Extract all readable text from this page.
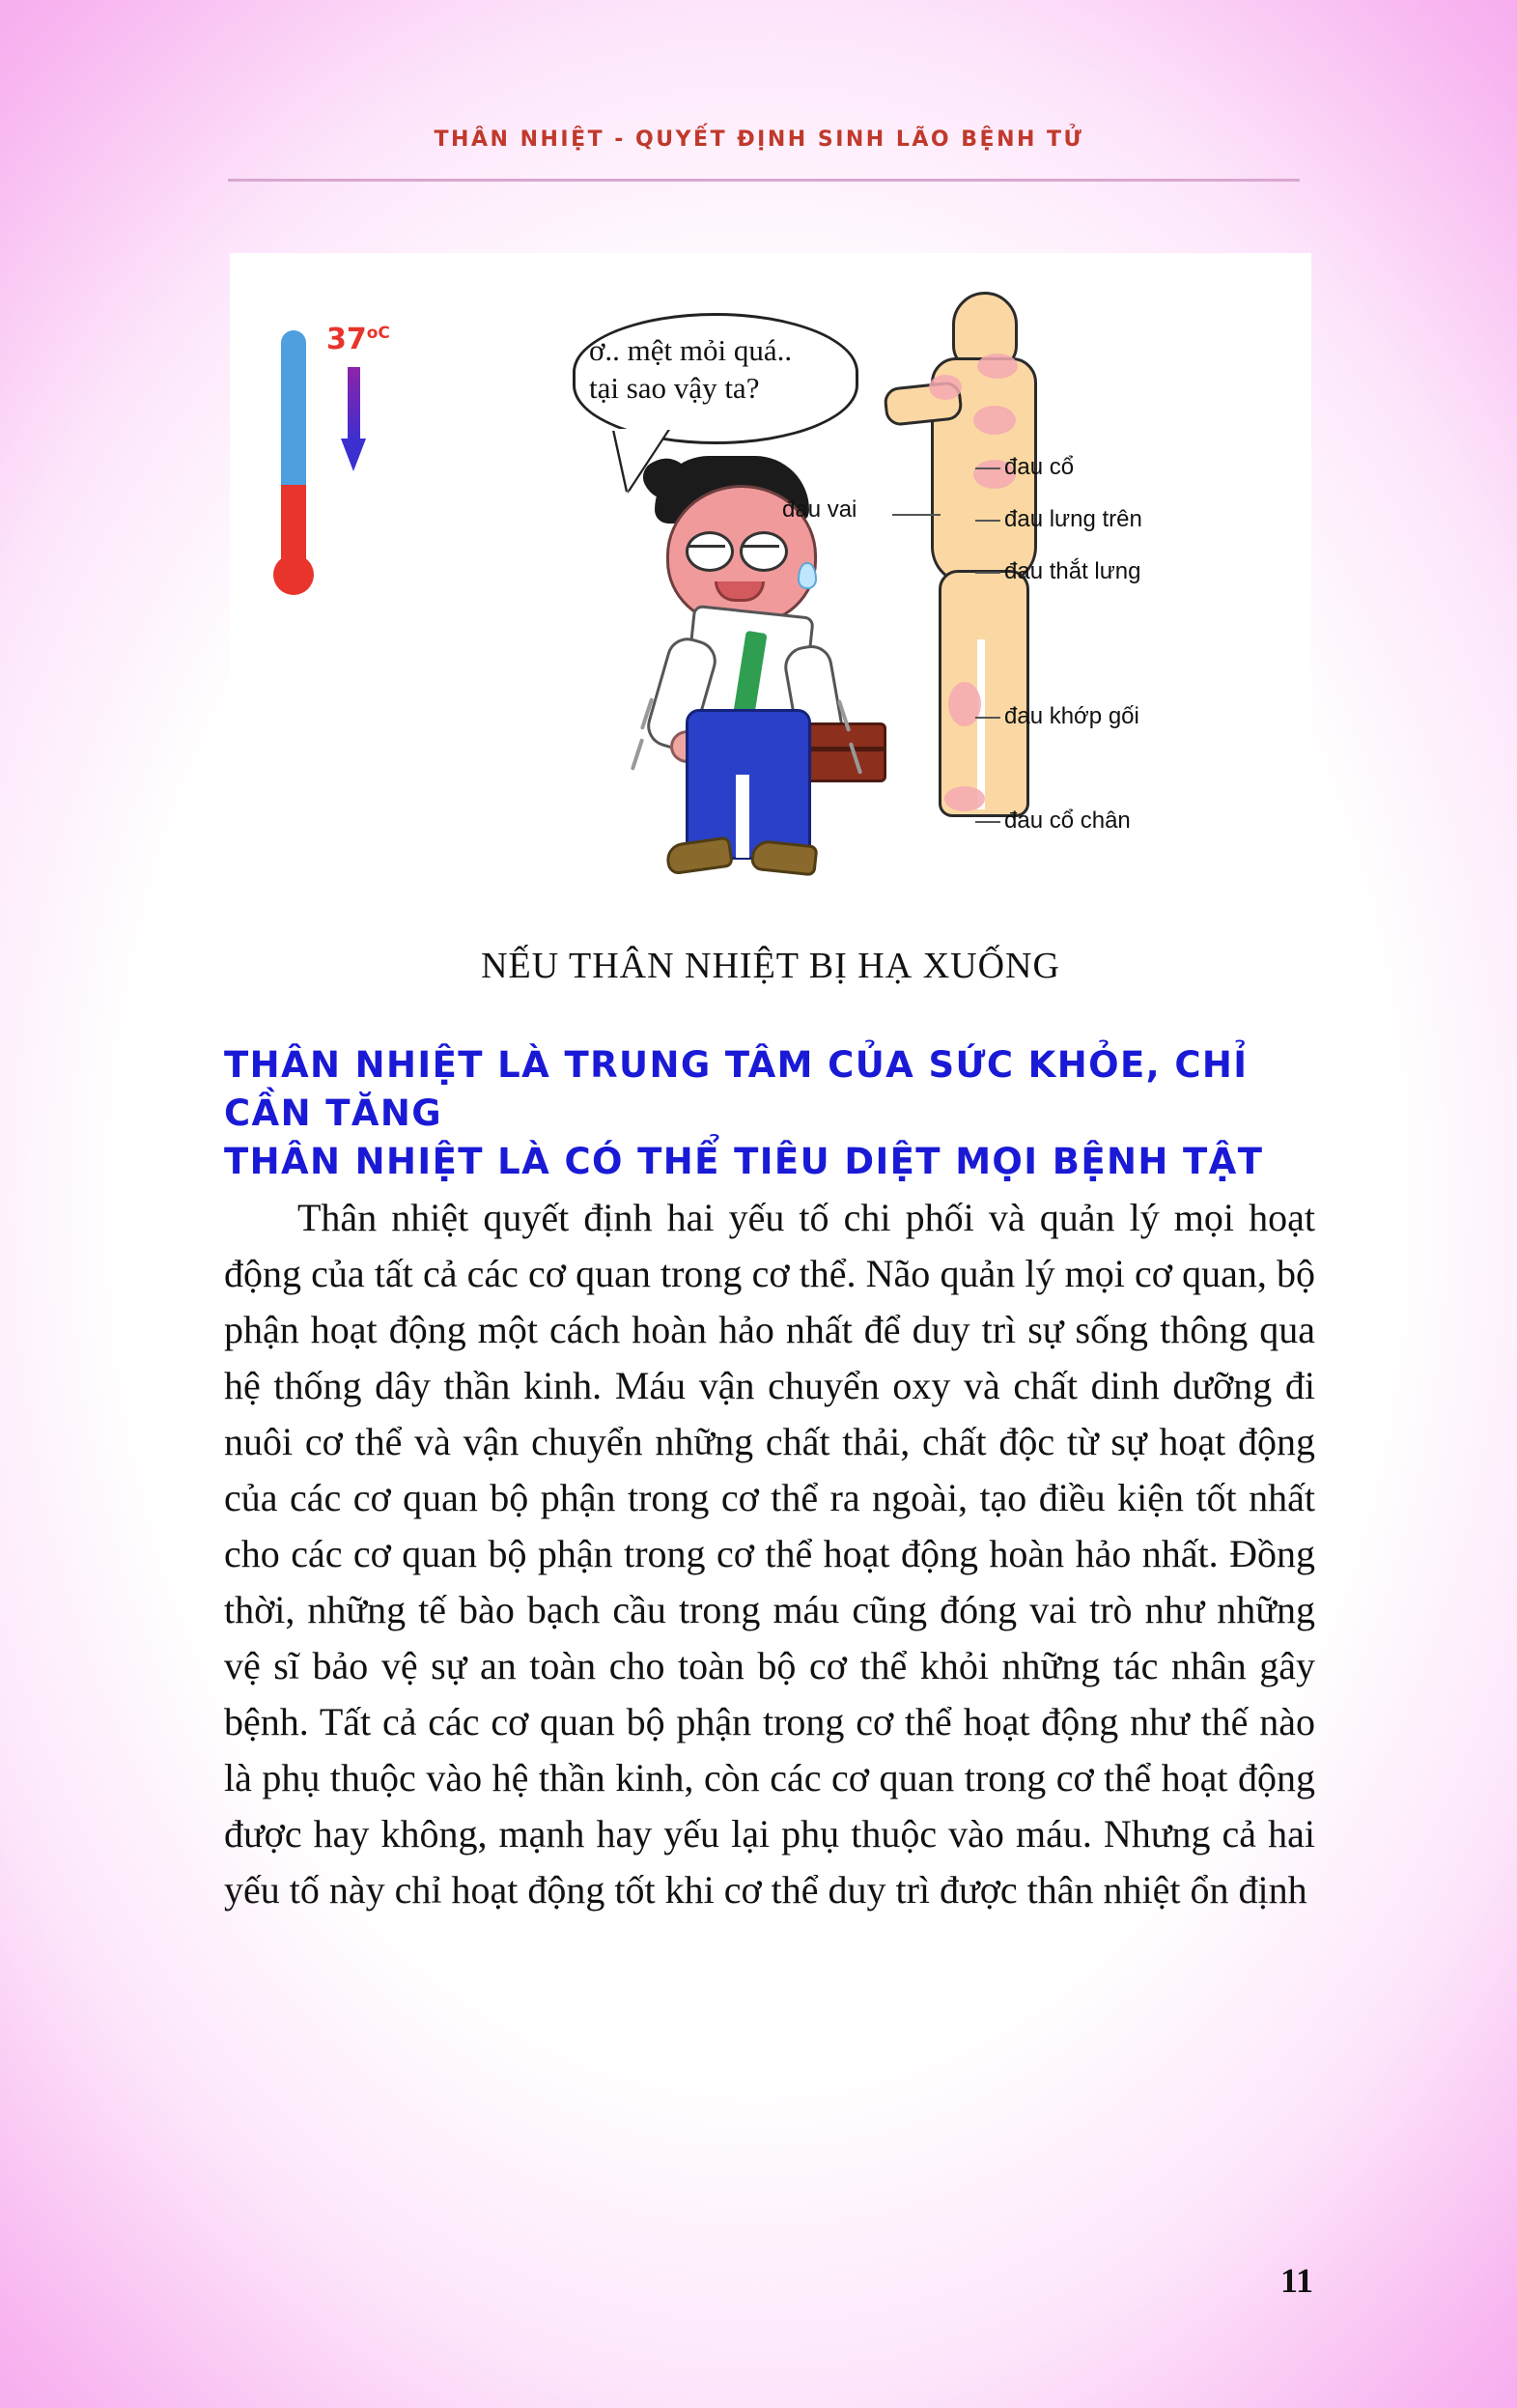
THÂN NHIỆT - QUYẾT ĐỊNH SINH LÃO BỆNH TỬ
$37^{oC}$	ơ.. mệt mỏi quá..
tại sao vậy ta?
đau vai
đau cổ
đau lưng trên
đau thắt lưng
đau khớp gối
đau cổ chân
NẾU THÂN NHIỆT BỊ HẠ XUỐNG
THÂN NHIỆT LÀ TRUNG TÂM CỦA SỨC KHỎE, CHỈ CẦN TĂNG
THÂN NHIỆT LÀ CÓ THỂ TIÊU DIỆT MỌI BỆNH TẬT
Thân nhiệt quyết định hai yếu tố chi phối và quản lý mọi hoạt động của tất cả các cơ quan trong cơ thể. Não quản lý mọi cơ quan, bộ phận hoạt động một cách hoàn hảo nhất để duy trì sự sống thông qua hệ thống dây thần kinh. Máu vận chuyển oxy và chất dinh dưỡng đi nuôi cơ thể và vận chuyển những chất thải, chất độc từ sự hoạt động của các cơ quan bộ phận trong cơ thể ra ngoài, tạo điều kiện tốt nhất cho các cơ quan bộ phận trong cơ thể hoạt động hoàn hảo nhất. Đồng thời, những tế bào bạch cầu trong máu cũng đóng vai trò như những vệ sĩ bảo vệ sự an toàn cho toàn bộ cơ thể khỏi những tác nhân gây bệnh. Tất cả các cơ quan bộ phận trong cơ thể hoạt động như thế nào là phụ thuộc vào hệ thần kinh, còn các cơ quan trong cơ thể hoạt động được hay không, mạnh hay yếu lại phụ thuộc vào máu. Nhưng cả hai yếu tố này chỉ hoạt động tốt khi cơ thể duy trì được thân nhiệt ổn định
11
